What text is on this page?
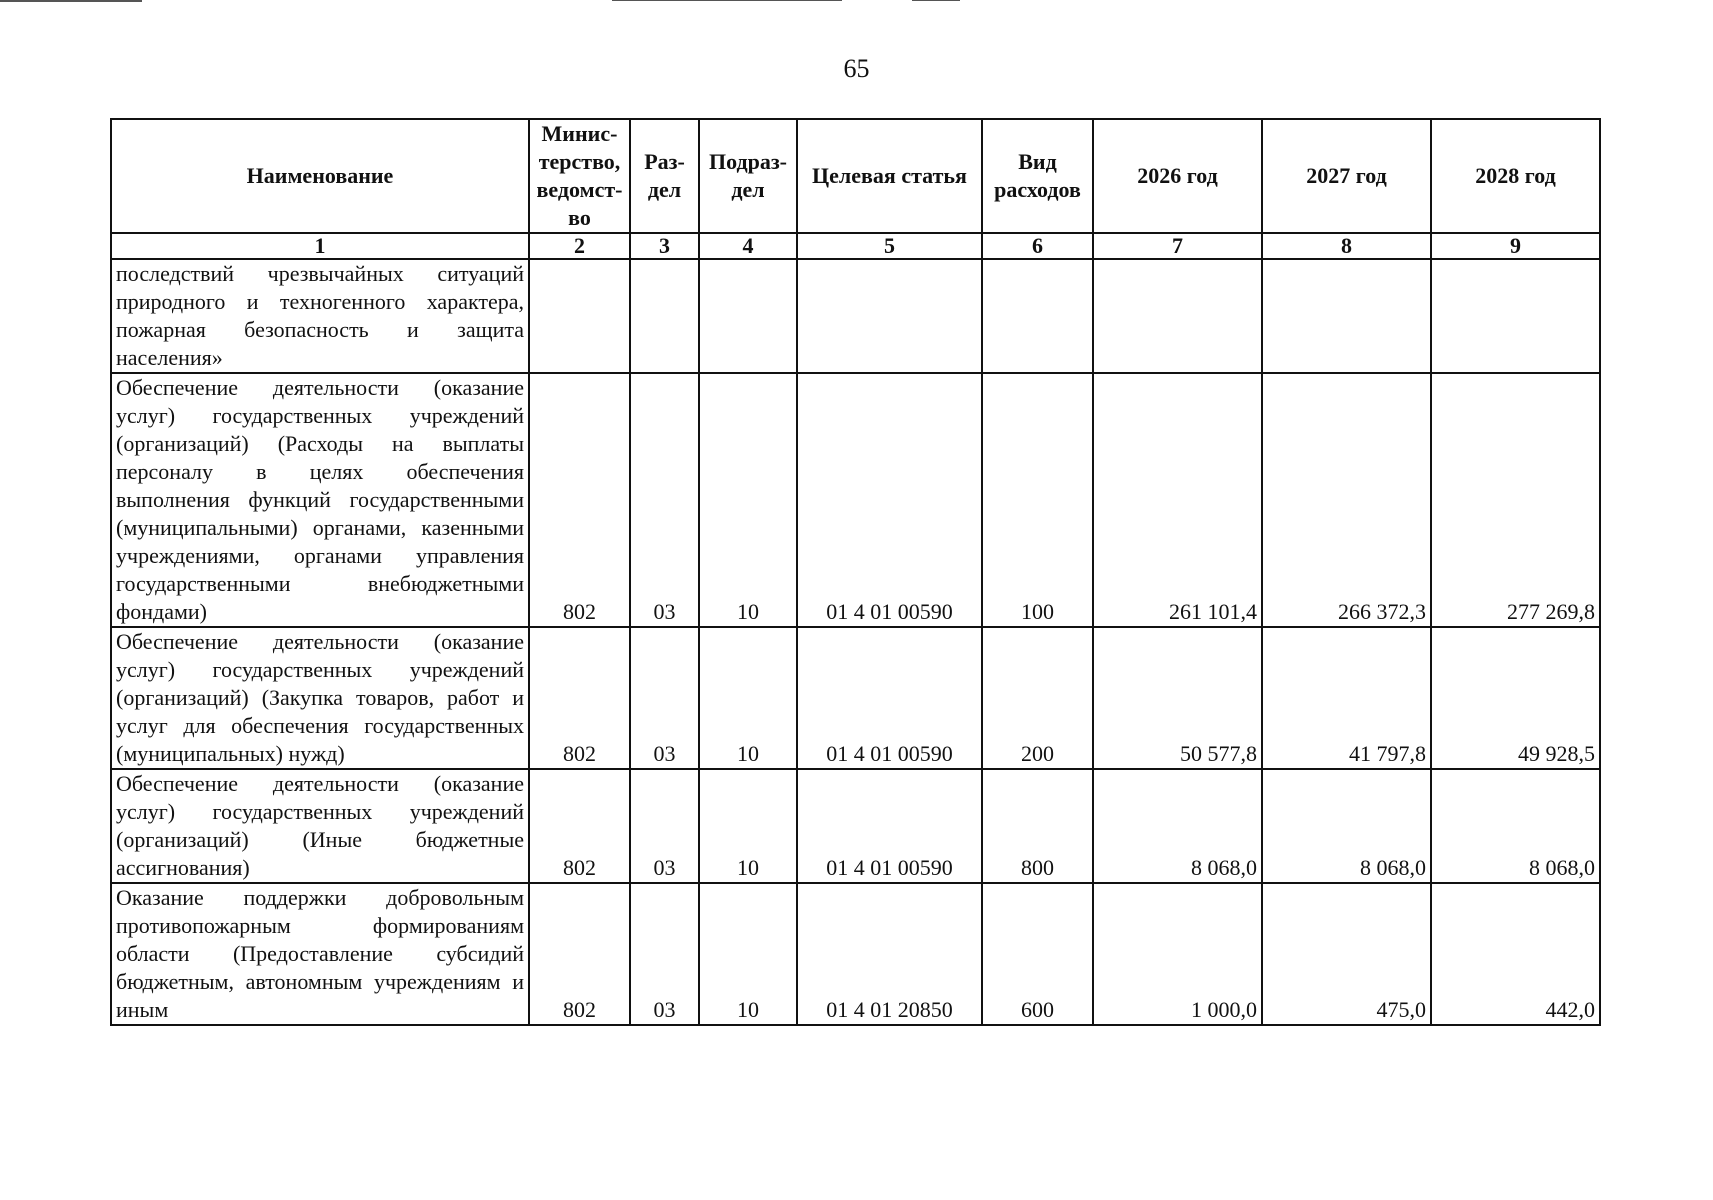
65
Наименование	Минис-терство, ведомст-во	Раз-дел	Подраз-дел	Целевая статья	Вид расходов	2026 год	2027 год	2028 год
1	2	3	4	5	6	7	8	9
последствий чрезвычайных ситуаций природного и техногенного характера, пожарная безопасность и защита населения»								
Обеспечение деятельности (оказание услуг) государственных учреждений (организаций) (Расходы на выплаты персоналу в целях обеспечения выполнения функций государственными (муниципальными) органами, казенными учреждениями, органами управления государственными внебюджетными фондами)	802	03	10	01 4 01 00590	100	261 101,4	266 372,3	277 269,8
Обеспечение деятельности (оказание услуг) государственных учреждений (организаций) (Закупка товаров, работ и услуг для обеспечения государственных (муниципальных) нужд)	802	03	10	01 4 01 00590	200	50 577,8	41 797,8	49 928,5
Обеспечение деятельности (оказание услуг) государственных учреждений (организаций) (Иные бюджетные ассигнования)	802	03	10	01 4 01 00590	800	8 068,0	8 068,0	8 068,0
Оказание поддержки добровольным противопожарным формированиям области (Предоставление субсидий бюджетным, автономным учреждениям и иным	802	03	10	01 4 01 20850	600	1 000,0	475,0	442,0
